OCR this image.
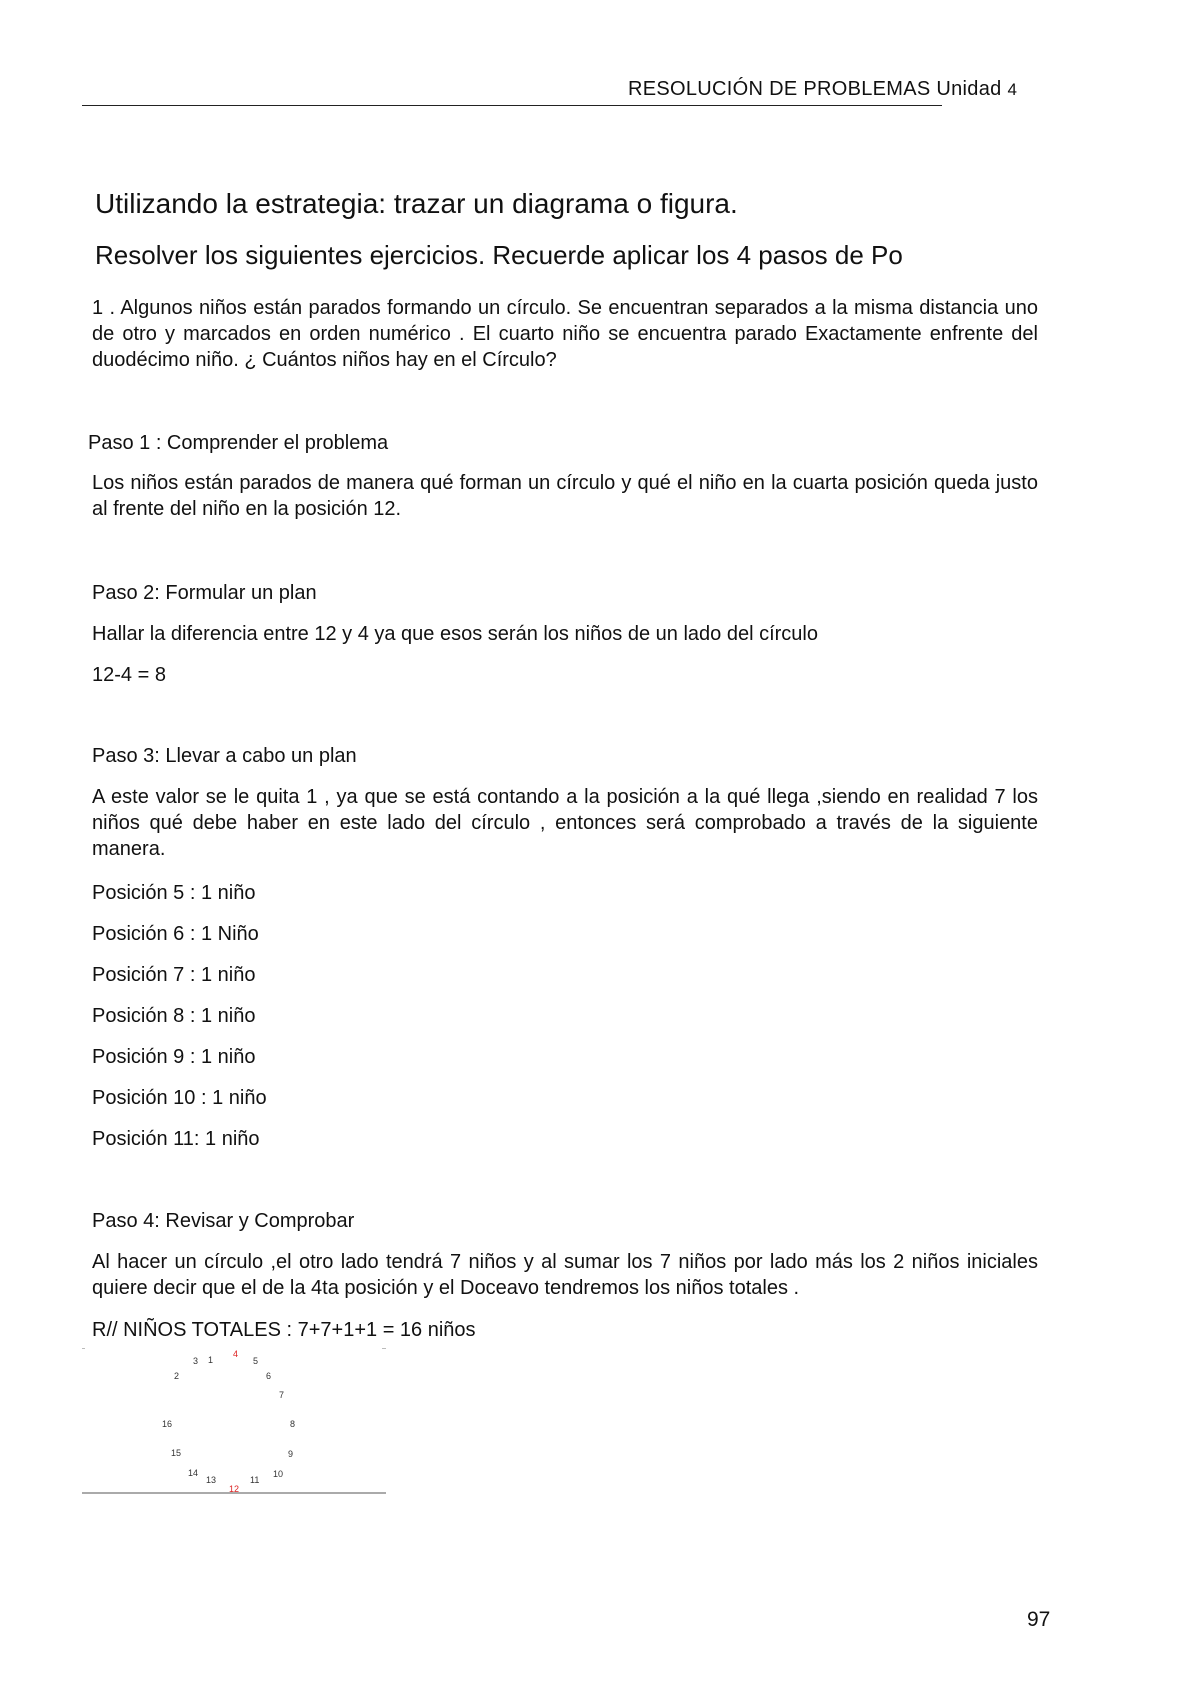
RESOLUCIÓN DE PROBLEMAS Unidad 4
Utilizando la estrategia: trazar un diagrama o figura.
Resolver los siguientes ejercicios. Recuerde aplicar los 4 pasos de Po
1 . Algunos niños están parados formando un círculo. Se encuentran separados a la misma distancia uno de otro y marcados en orden numérico . El cuarto niño se encuentra parado Exactamente enfrente del duodécimo niño. ¿ Cuántos niños hay en el Círculo?
Paso 1 : Comprender el problema
Los niños están parados de manera qué forman un círculo y qué el niño en la cuarta posición queda justo al frente del niño en la posición 12.
Paso 2: Formular un plan
Hallar la diferencia entre 12 y 4 ya que esos serán los niños de un lado del círculo
12-4 = 8
Paso 3: Llevar a cabo un plan
A este valor se le quita 1 , ya que se está contando a la posición a la qué llega ,siendo en realidad 7 los niños qué debe haber en este lado del círculo , entonces será comprobado a través de la siguiente manera.
Posición 5 : 1 niño
Posición 6 : 1 Niño
Posición 7 : 1 niño
Posición 8 : 1 niño
Posición 9 : 1 niño
Posición 10 : 1 niño
Posición 11: 1 niño
Paso 4: Revisar y Comprobar
Al hacer un círculo ,el otro lado tendrá 7 niños y al sumar los 7 niños por lado más los 2 niños iniciales quiere decir que el de la 4ta posición y el Doceavo tendremos los niños totales .
R// NIÑOS TOTALES : 7+7+1+1 = 16 niños
1
2
3
4
5
6
7
8
9
10
11
12
13
14
15
16
97
